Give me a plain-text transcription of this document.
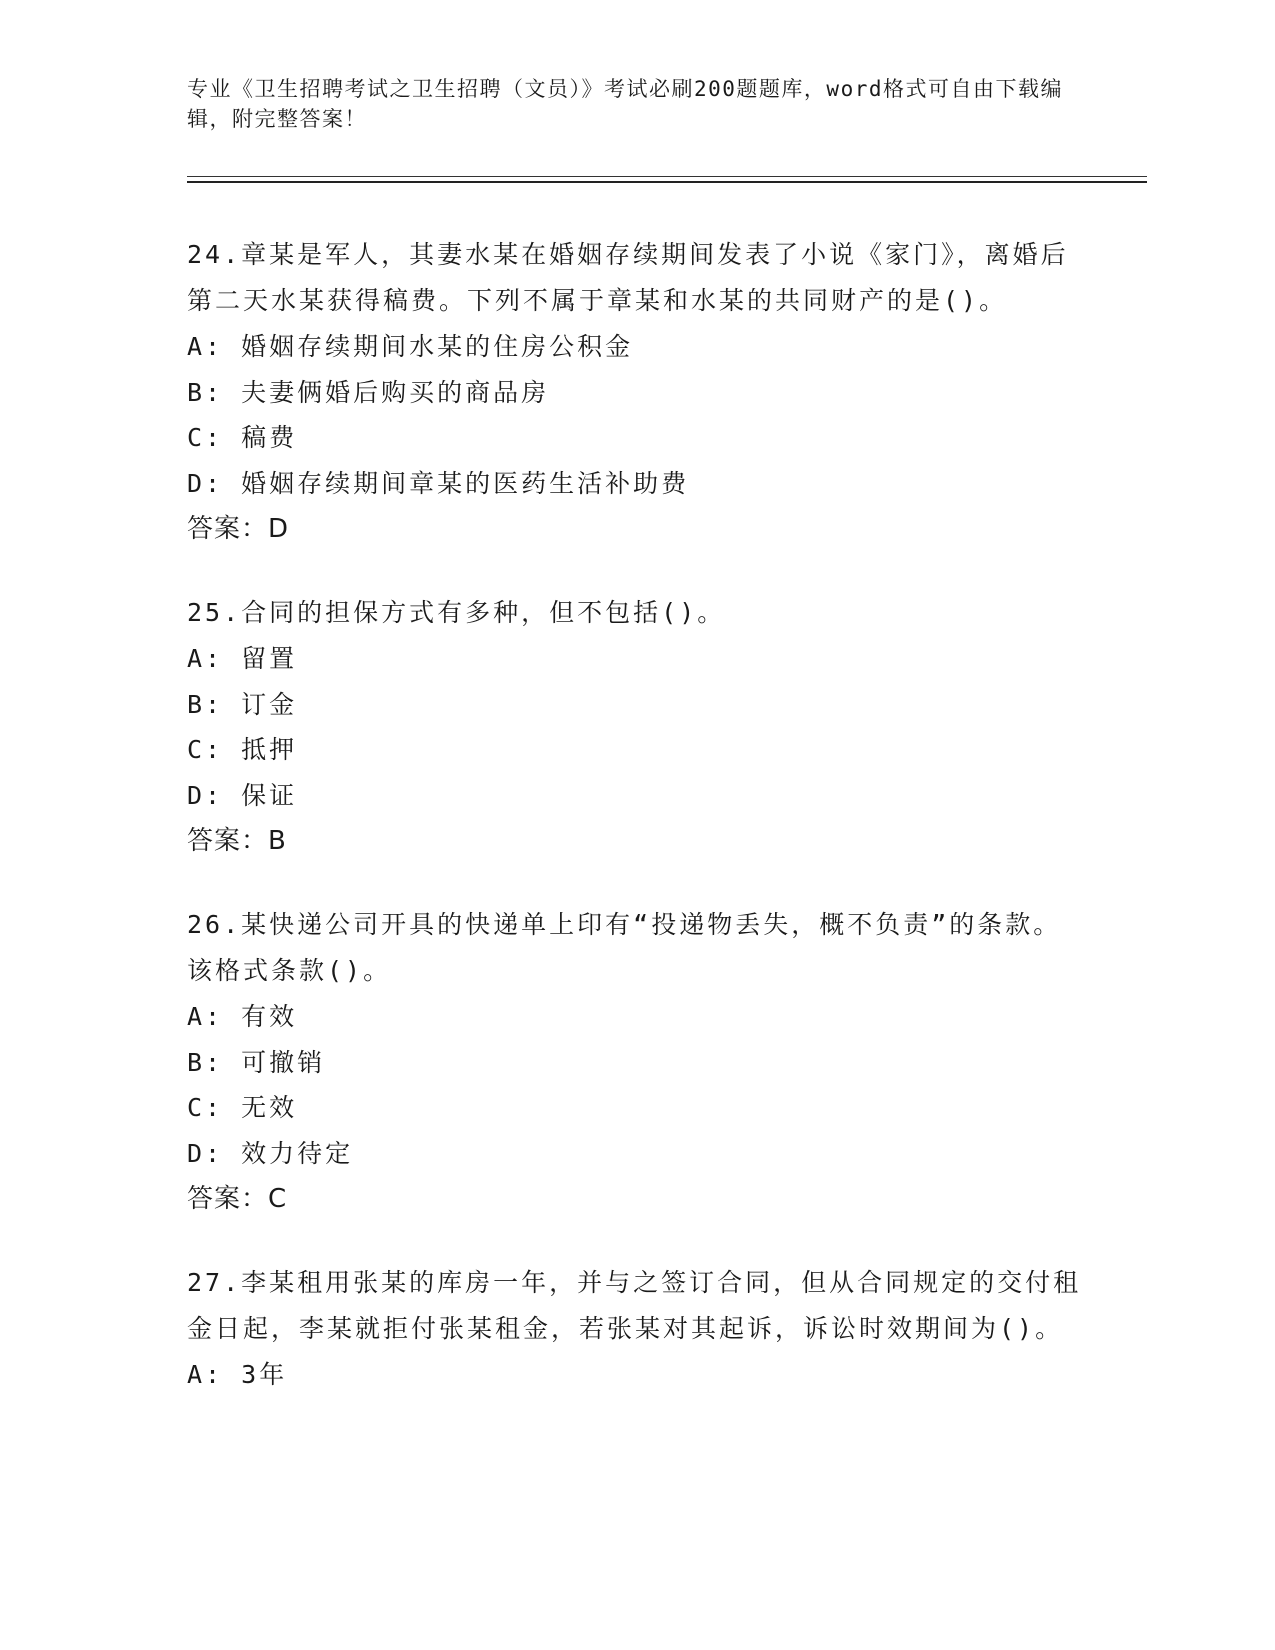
专业《卫生招聘考试之卫生招聘（文员）》考试必刷200题题库，word格式可自由下载编辑，附完整答案！

24.章某是军人，其妻水某在婚姻存续期间发表了小说《家门》，离婚后第二天水某获得稿费。下列不属于章某和水某的共同财产的是()。

A: 婚姻存续期间水某的住房公积金

B: 夫妻俩婚后购买的商品房

C: 稿费

D: 婚姻存续期间章某的医药生活补助费

答案：D

25.合同的担保方式有多种，但不包括()。

A: 留置

B: 订金

C: 抵押

D: 保证

答案：B

26.某快递公司开具的快递单上印有“投递物丢失，概不负责”的条款。该格式条款()。

A: 有效

B: 可撤销

C: 无效

D: 效力待定

答案：C

27.李某租用张某的库房一年，并与之签订合同，但从合同规定的交付租金日起，李某就拒付张某租金，若张某对其起诉，诉讼时效期间为()。

A: 3年
